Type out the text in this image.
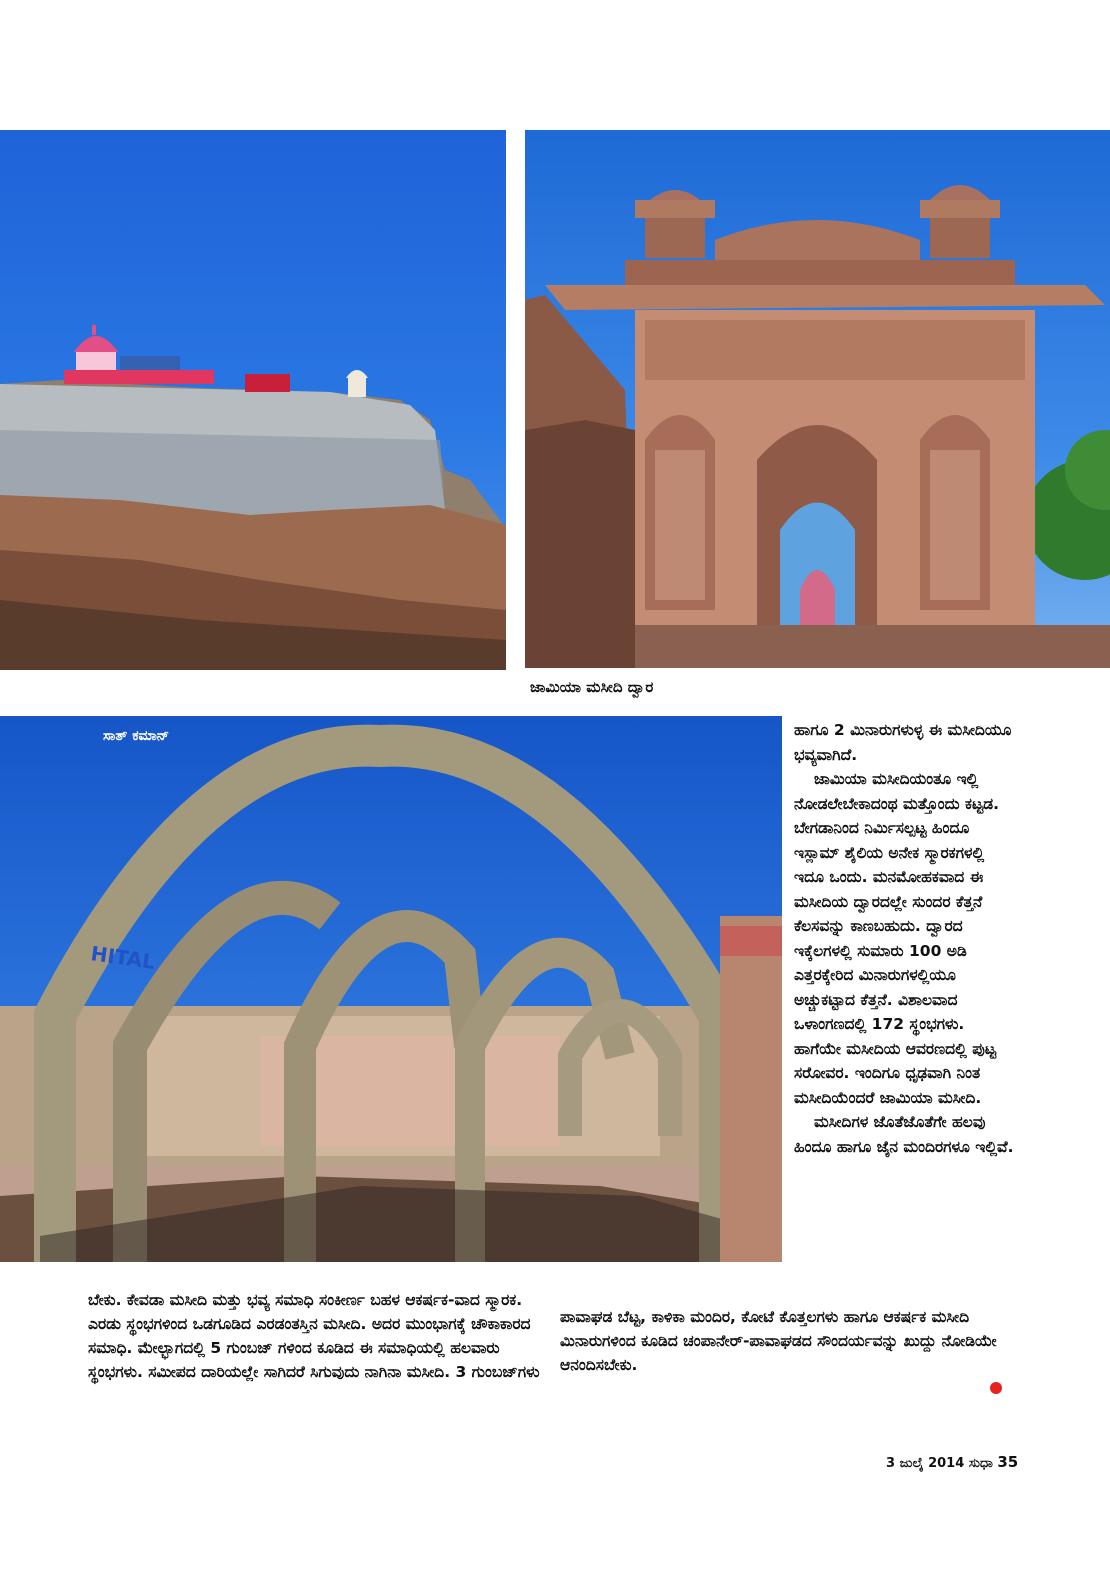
ಜಾಮಿಯಾ ಮಸೀದಿ ದ್ವಾರ
HITAL
ಸಾತ್ ಕಮಾನ್	ಹಾಗೂ 2 ಮಿನಾರುಗಳುಳ್ಳ ಈ ಮಸೀದಿಯೂ ಭವ್ಯವಾಗಿದೆ.

ಜಾಮಿಯಾ ಮಸೀದಿಯಂತೂ ಇಲ್ಲಿ ನೋಡಲೇಬೇಕಾದಂಥ ಮತ್ತೊಂದು ಕಟ್ಟಡ. ಬೇಗಡಾನಿಂದ ನಿರ್ಮಿಸಲ್ಪಟ್ಟ ಹಿಂದೂ ಇಸ್ಲಾಮ್ ಶೈಲಿಯ ಅನೇಕ ಸ್ಮಾರಕಗಳಲ್ಲಿ ಇದೂ ಒಂದು. ಮನಮೋಹಕವಾದ ಈ ಮಸೀದಿಯ ದ್ವಾರದಲ್ಲೇ ಸುಂದರ ಕೆತ್ತನೆ ಕೆಲಸವನ್ನು ಕಾಣಬಹುದು. ದ್ವಾರದ ಇಕ್ಕೆಲಗಳಲ್ಲಿ ಸುಮಾರು 100 ಅಡಿ ಎತ್ತರಕ್ಕೇರಿದ ಮಿನಾರುಗಳಲ್ಲಿಯೂ ಅಚ್ಚುಕಟ್ಟಾದ ಕೆತ್ತನೆ. ವಿಶಾಲವಾದ ಒಳಾಂಗಣದಲ್ಲಿ 172 ಸ್ಥಂಭಗಳು. ಹಾಗೆಯೇ ಮಸೀದಿಯ ಆವರಣದಲ್ಲಿ ಪುಟ್ಟ ಸರೋವರ. ಇಂದಿಗೂ ಧೃಢವಾಗಿ ನಿಂತ ಮಸೀದಿಯೆಂದರೆ ಜಾಮಿಯಾ ಮಸೀದಿ.

ಮಸೀದಿಗಳ ಜೊತೆಜೊತೆಗೇ ಹಲವು ಹಿಂದೂ ಹಾಗೂ ಜೈನ ಮಂದಿರಗಳೂ ಇಲ್ಲಿವೆ.

ಬೇಕು. ಕೇವಡಾ ಮಸೀದಿ ಮತ್ತು ಭವ್ಯ ಸಮಾಧಿ ಸಂಕೀರ್ಣ ಬಹಳ ಆಕರ್ಷಕ-ವಾದ ಸ್ಮಾರಕ. ಎರಡು ಸ್ಥಂಭಗಳಿಂದ ಒಡಗೂಡಿದ ಎರಡಂತಸ್ತಿನ ಮಸೀದಿ. ಅದರ ಮುಂಭಾಗಕ್ಕೆ ಚೌಕಾಕಾರದ ಸಮಾಧಿ. ಮೇಲ್ಭಾಗದಲ್ಲಿ 5 ಗುಂಬಜ್ ಗಳಿಂದ ಕೂಡಿದ ಈ ಸಮಾಧಿಯಲ್ಲಿ ಹಲವಾರು ಸ್ಥಂಭಗಳು. ಸಮೀಪದ ದಾರಿಯಲ್ಲೇ ಸಾಗಿದರೆ ಸಿಗುವುದು ನಾಗಿನಾ ಮಸೀದಿ. 3 ಗುಂಬಜ್‌ಗಳು

ಪಾವಾಘಡ ಬೆಟ್ಟ, ಕಾಳಿಕಾ ಮಂದಿರ, ಕೋಟೆ ಕೊತ್ತಲಗಳು ಹಾಗೂ ಆಕರ್ಷಕ ಮಸೀದಿ ಮಿನಾರುಗಳಿಂದ ಕೂಡಿದ ಚಂಪಾನೇರ್-ಪಾವಾಘಡದ ಸೌಂದರ್ಯವನ್ನು ಖುದ್ದು ನೋಡಿಯೇ ಆನಂದಿಸಬೇಕು.

3 ಜುಲೈ 2014 ಸುಧಾ 35
